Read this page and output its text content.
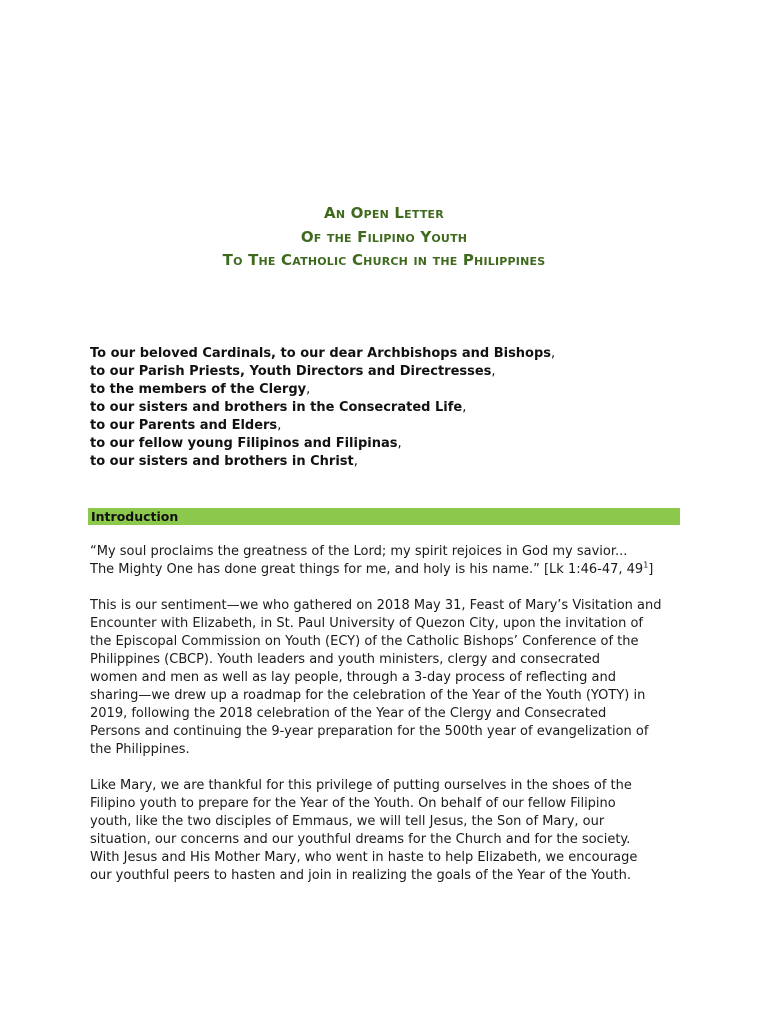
An Open Letter
Of the Filipino Youth
To The Catholic Church in the Philippines
To our beloved Cardinals, to our dear Archbishops and Bishops,
to our Parish Priests, Youth Directors and Directresses,
to the members of the Clergy,
to our sisters and brothers in the Consecrated Life,
to our Parents and Elders,
to our fellow young Filipinos and Filipinas,
to our sisters and brothers in Christ,
Introduction
“My soul proclaims the greatness of the Lord; my spirit rejoices in God my savior...
The Mighty One has done great things for me, and holy is his name.” [Lk 1:46-47, $49^1$]
This is our sentiment—we who gathered on 2018 May 31, Feast of Mary’s Visitation and
Encounter with Elizabeth, in St. Paul University of Quezon City, upon the invitation of
the Episcopal Commission on Youth (ECY) of the Catholic Bishops’ Conference of the
Philippines (CBCP). Youth leaders and youth ministers, clergy and consecrated
women and men as well as lay people, through a 3-day process of reflecting and
sharing—we drew up a roadmap for the celebration of the Year of the Youth (YOTY) in
2019, following the 2018 celebration of the Year of the Clergy and Consecrated
Persons and continuing the 9-year preparation for the 500th year of evangelization of
the Philippines.
Like Mary, we are thankful for this privilege of putting ourselves in the shoes of the
Filipino youth to prepare for the Year of the Youth. On behalf of our fellow Filipino
youth, like the two disciples of Emmaus, we will tell Jesus, the Son of Mary, our
situation, our concerns and our youthful dreams for the Church and for the society.
With Jesus and His Mother Mary, who went in haste to help Elizabeth, we encourage
our youthful peers to hasten and join in realizing the goals of the Year of the Youth.
